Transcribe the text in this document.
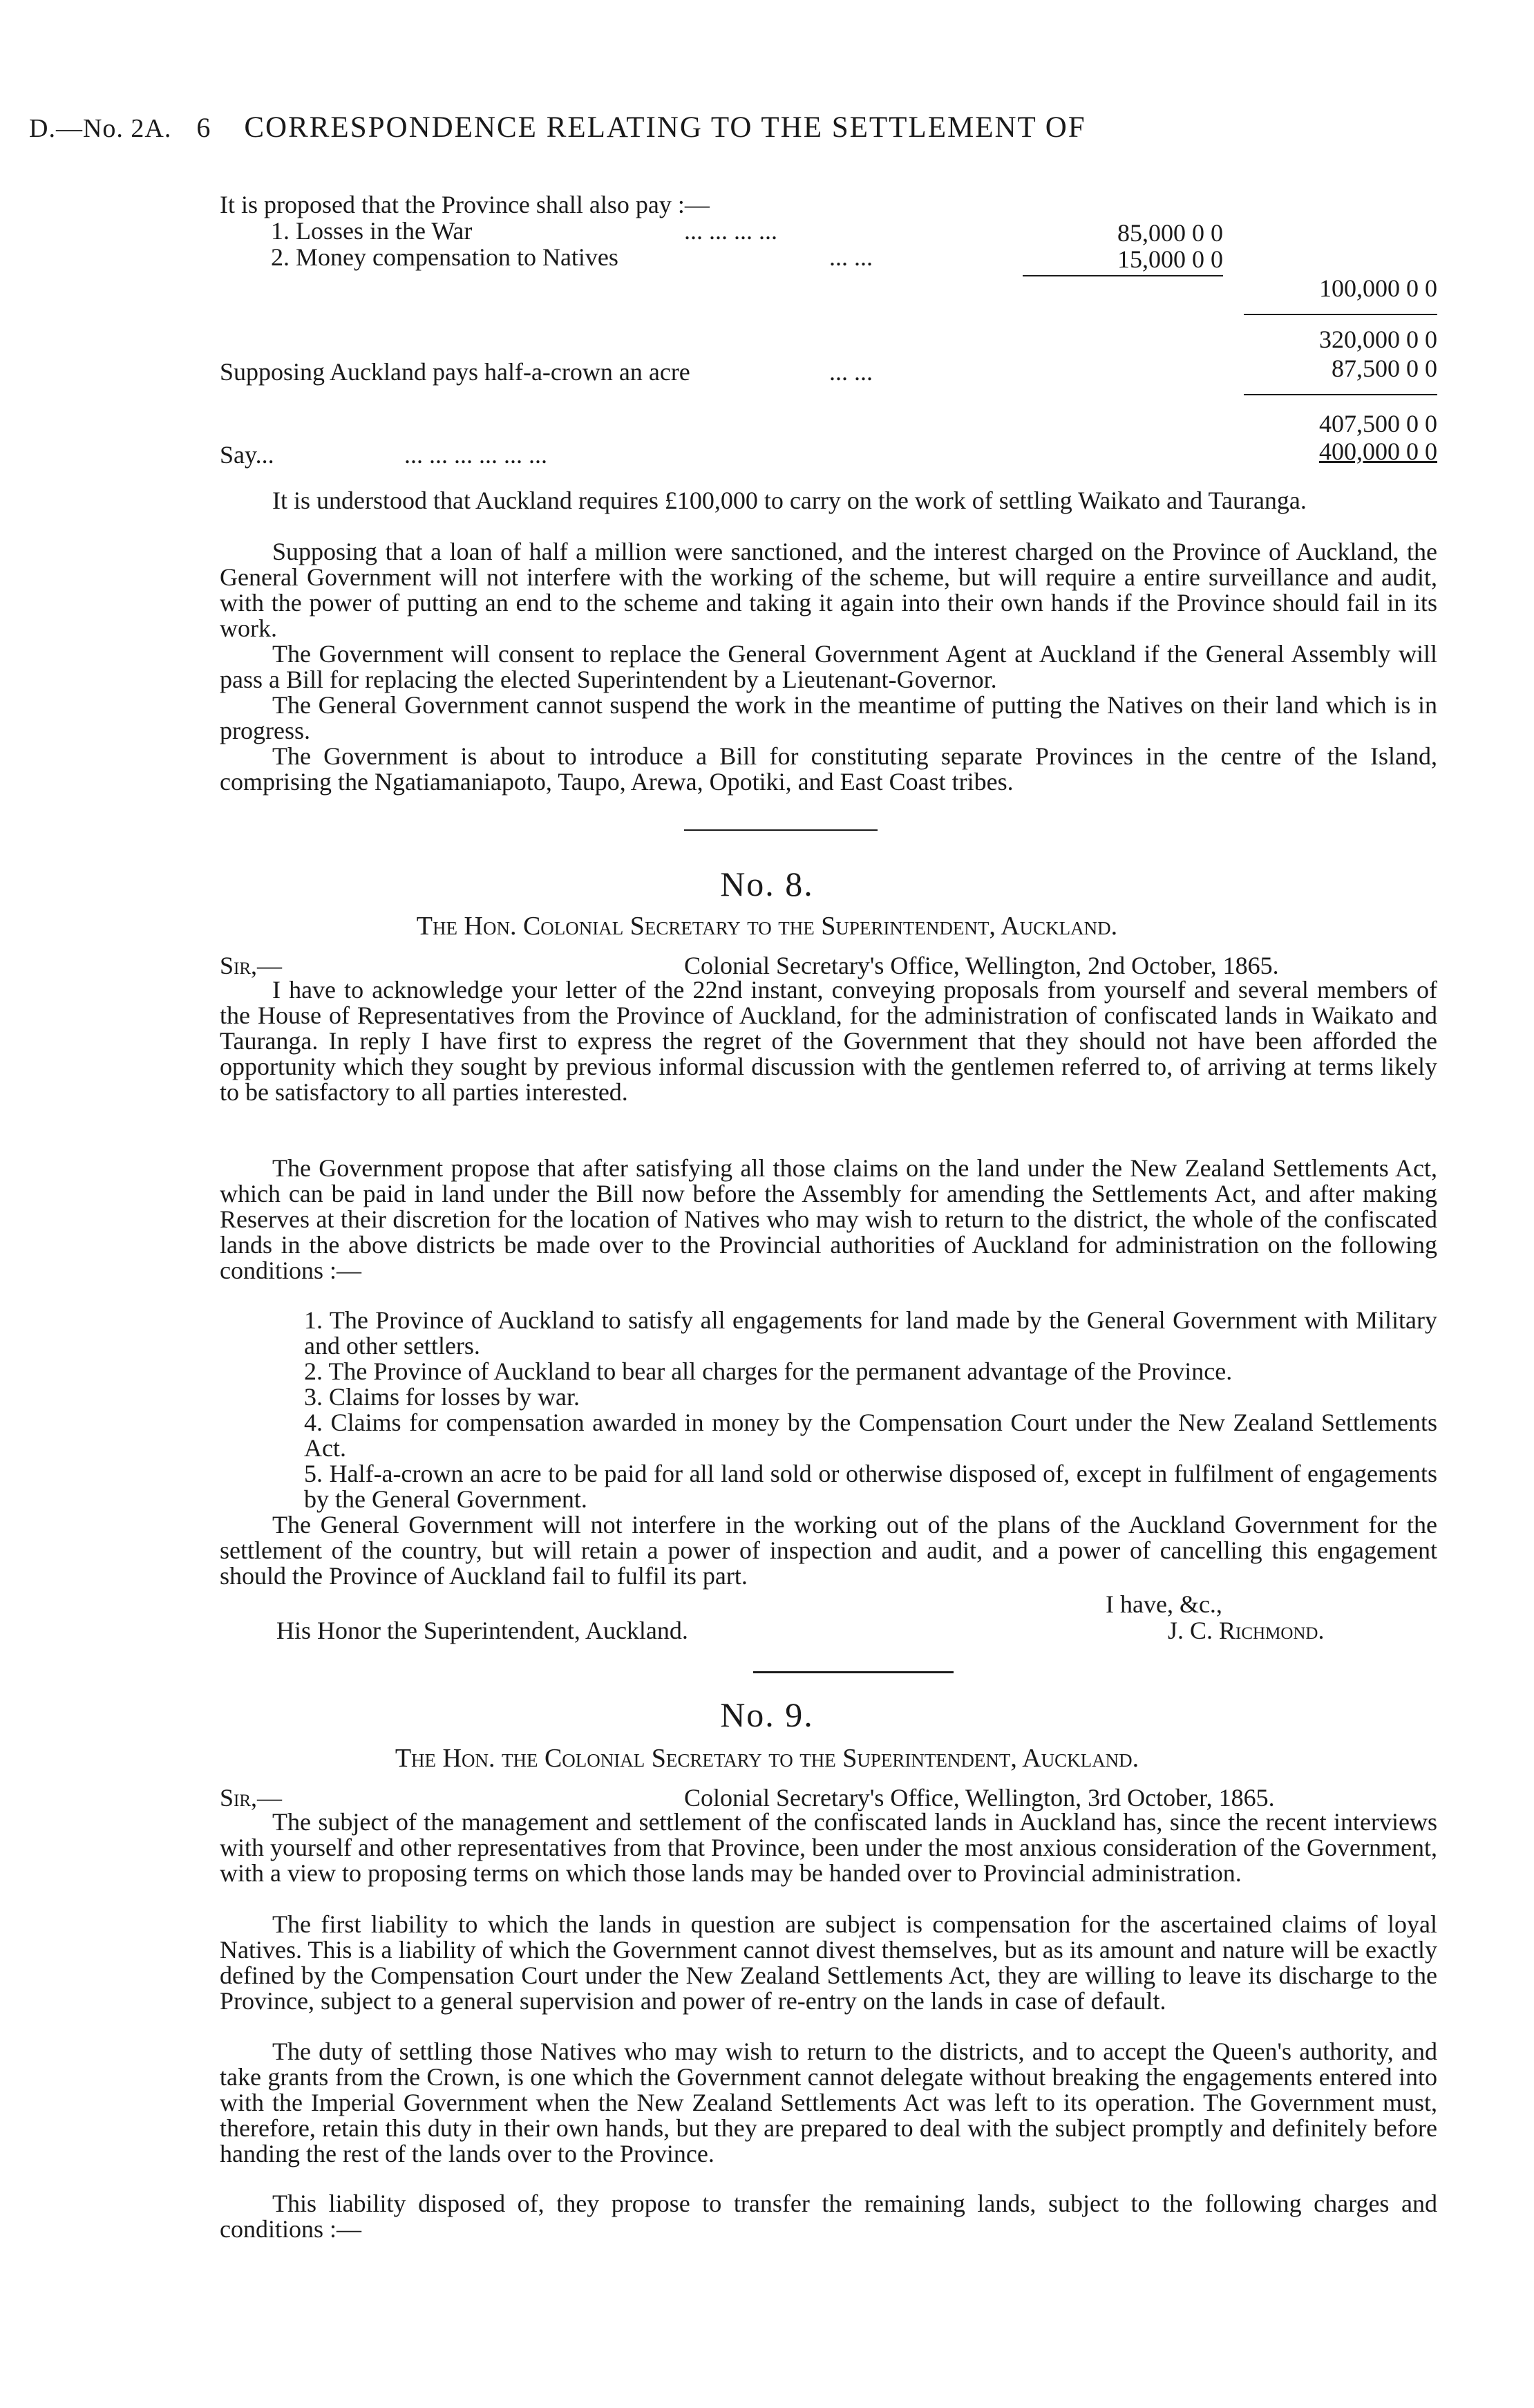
D.—No. 2A. 6 CORRESPONDENCE RELATING TO THE SETTLEMENT OF
It is proposed that the Province shall also pay :—
1. Losses in the War	... ... ... ...	85,000 0 0
2. Money compensation to Natives	... ...	15,000 0 0
100,000 0 0
320,000 0 0
Supposing Auckland pays half-a-crown an acre	... ...	87,500 0 0
407,500 0 0
Say...	... ... ... ... ... ...	400,000 0 0

It is understood that Auckland requires £100,000 to carry on the work of settling Waikato and Tauranga.

Supposing that a loan of half a million were sanctioned, and the interest charged on the Province of Auckland, the General Government will not interfere with the working of the scheme, but will require a entire surveillance and audit, with the power of putting an end to the scheme and taking it again into their own hands if the Province should fail in its work.

The Government will consent to replace the General Government Agent at Auckland if the General Assembly will pass a Bill for replacing the elected Superintendent by a Lieutenant-Governor.

The General Government cannot suspend the work in the meantime of putting the Natives on their land which is in progress.

The Government is about to introduce a Bill for constituting separate Provinces in the centre of the Island, comprising the Ngatiamaniapoto, Taupo, Arewa, Opotiki, and East Coast tribes.

No. 8.
The Hon. Colonial Secretary to the Superintendent, Auckland.
Sir,—	Colonial Secretary's Office, Wellington, 2nd October, 1865.

I have to acknowledge your letter of the 22nd instant, conveying proposals from yourself and several members of the House of Representatives from the Province of Auckland, for the administration of confiscated lands in Waikato and Tauranga. In reply I have first to express the regret of the Government that they should not have been afforded the opportunity which they sought by previous informal discussion with the gentlemen referred to, of arriving at terms likely to be satisfactory to all parties interested.

The Government propose that after satisfying all those claims on the land under the New Zealand Settlements Act, which can be paid in land under the Bill now before the Assembly for amending the Settlements Act, and after making Reserves at their discretion for the location of Natives who may wish to return to the district, the whole of the confiscated lands in the above districts be made over to the Provincial authorities of Auckland for administration on the following conditions :—

1. The Province of Auckland to satisfy all engagements for land made by the General Government with Military and other settlers.
2. The Province of Auckland to bear all charges for the permanent advantage of the Province.
3. Claims for losses by war.
4. Claims for compensation awarded in money by the Compensation Court under the New Zealand Settlements Act.
5. Half-a-crown an acre to be paid for all land sold or otherwise disposed of, except in fulfilment of engagements by the General Government.

The General Government will not interfere in the working out of the plans of the Auckland Government for the settlement of the country, but will retain a power of inspection and audit, and a power of cancelling this engagement should the Province of Auckland fail to fulfil its part.

I have, &c.,
His Honor the Superintendent, Auckland.	J. C. Richmond.
No. 9.
The Hon. the Colonial Secretary to the Superintendent, Auckland.
Sir,—	Colonial Secretary's Office, Wellington, 3rd October, 1865.

The subject of the management and settlement of the confiscated lands in Auckland has, since the recent interviews with yourself and other representatives from that Province, been under the most anxious consideration of the Government, with a view to proposing terms on which those lands may be handed over to Provincial administration.

The first liability to which the lands in question are subject is compensation for the ascertained claims of loyal Natives. This is a liability of which the Government cannot divest themselves, but as its amount and nature will be exactly defined by the Compensation Court under the New Zealand Settlements Act, they are willing to leave its discharge to the Province, subject to a general supervision and power of re-entry on the lands in case of default.

The duty of settling those Natives who may wish to return to the districts, and to accept the Queen's authority, and take grants from the Crown, is one which the Government cannot delegate without breaking the engagements entered into with the Imperial Government when the New Zealand Settlements Act was left to its operation. The Government must, therefore, retain this duty in their own hands, but they are prepared to deal with the subject promptly and definitely before handing the rest of the lands over to the Province.

This liability disposed of, they propose to transfer the remaining lands, subject to the following charges and conditions :—
